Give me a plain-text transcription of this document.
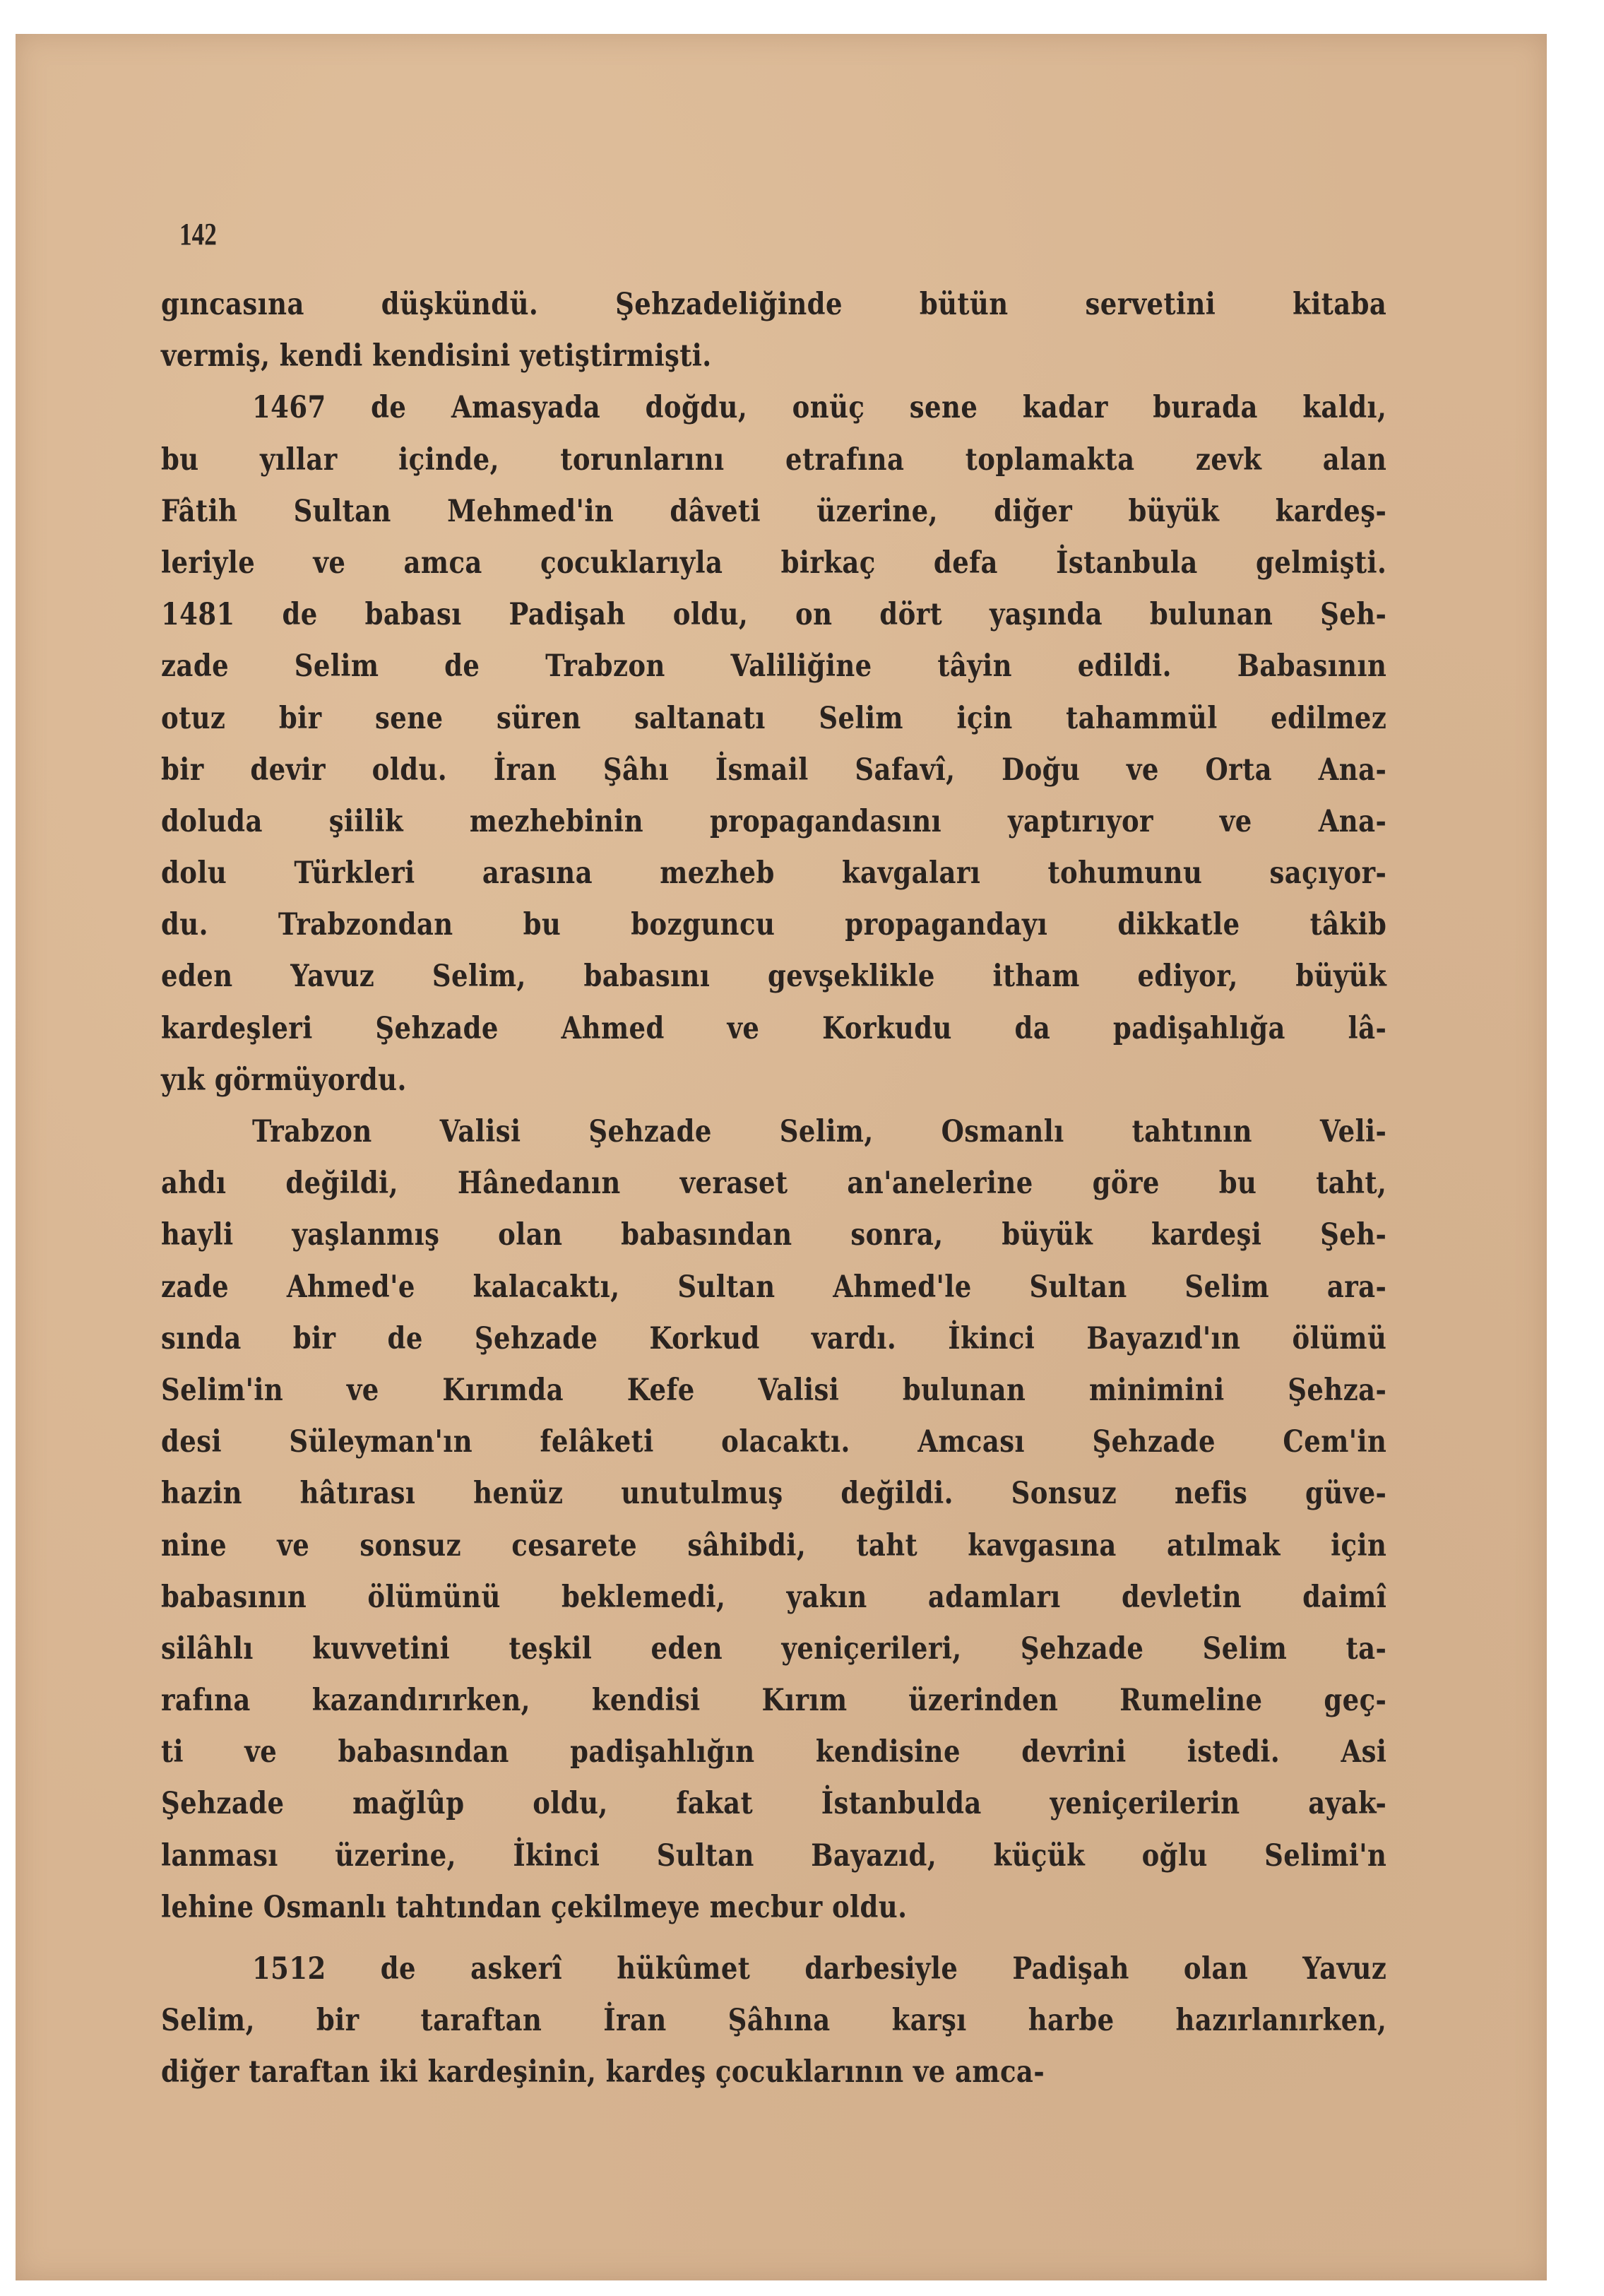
142
gıncasına düşkündü. Şehzadeliğinde bütün servetini kitaba
vermiş, kendi kendisini yetiştirmişti.
1467 de Amasyada doğdu, onüç sene kadar burada kaldı,
bu yıllar içinde, torunlarını etrafına toplamakta zevk alan
Fâtih Sultan Mehmed'in dâveti üzerine, diğer büyük kardeş-
leriyle ve amca çocuklarıyla birkaç defa İstanbula gelmişti.
1481 de babası Padişah oldu, on dört yaşında bulunan Şeh-
zade Selim de Trabzon Valiliğine tâyin edildi. Babasının
otuz bir sene süren saltanatı Selim için tahammül edilmez
bir devir oldu. İran Şâhı İsmail Safavî, Doğu ve Orta Ana-
doluda şiilik mezhebinin propagandasını yaptırıyor ve Ana-
dolu Türkleri arasına mezheb kavgaları tohumunu saçıyor-
du. Trabzondan bu bozguncu propagandayı dikkatle tâkib
eden Yavuz Selim, babasını gevşeklikle itham ediyor, büyük
kardeşleri Şehzade Ahmed ve Korkudu da padişahlığa lâ-
yık görmüyordu.
Trabzon Valisi Şehzade Selim, Osmanlı tahtının Veli-
ahdı değildi, Hânedanın veraset an'anelerine göre bu taht,
hayli yaşlanmış olan babasından sonra, büyük kardeşi Şeh-
zade Ahmed'e kalacaktı, Sultan Ahmed'le Sultan Selim ara-
sında bir de Şehzade Korkud vardı. İkinci Bayazıd'ın ölümü
Selim'in ve Kırımda Kefe Valisi bulunan minimini Şehza-
desi Süleyman'ın felâketi olacaktı. Amcası Şehzade Cem'in
hazin hâtırası henüz unutulmuş değildi. Sonsuz nefis güve-
nine ve sonsuz cesarete sâhibdi, taht kavgasına atılmak için
babasının ölümünü beklemedi, yakın adamları devletin daimî
silâhlı kuvvetini teşkil eden yeniçerileri, Şehzade Selim ta-
rafına kazandırırken, kendisi Kırım üzerinden Rumeline geç-
ti ve babasından padişahlığın kendisine devrini istedi. Asi
Şehzade mağlûp oldu, fakat İstanbulda yeniçerilerin ayak-
lanması üzerine, İkinci Sultan Bayazıd, küçük oğlu Selimi'n
lehine Osmanlı tahtından çekilmeye mecbur oldu.
1512 de askerî hükûmet darbesiyle Padişah olan Yavuz
Selim, bir taraftan İran Şâhına karşı harbe hazırlanırken,
diğer taraftan iki kardeşinin, kardeş çocuklarının ve amca-
